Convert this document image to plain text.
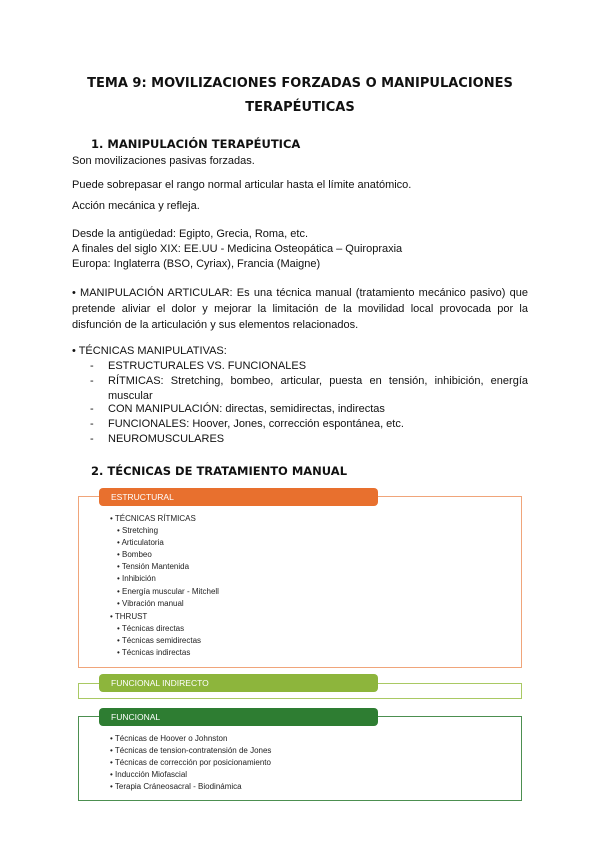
TEMA 9: MOVILIZACIONES FORZADAS O MANIPULACIONES
TERAPÉUTICAS
1. MANIPULACIÓN TERAPÉUTICA
Son movilizaciones pasivas forzadas.
Puede sobrepasar el rango normal articular hasta el límite anatómico.
Acción mecánica y refleja.
Desde la antigüedad: Egipto, Grecia, Roma, etc.
A finales del siglo XIX: EE.UU - Medicina Osteopática – Quiropraxia
Europa: Inglaterra (BSO, Cyriax), Francia (Maigne)
• MANIPULACIÓN ARTICULAR: Es una técnica manual (tratamiento mecánico pasivo) que pretende aliviar el dolor y mejorar la limitación de la movilidad local provocada por la disfunción de la articulación y sus elementos relacionados.
• TÉCNICAS MANIPULATIVAS:
- ESTRUCTURALES VS. FUNCIONALES
- RÍTMICAS: Stretching, bombeo, articular, puesta en tensión, inhibición, energía muscular
- CON MANIPULACIÓN: directas, semidirectas, indirectas
- FUNCIONALES: Hoover, Jones, corrección espontánea, etc.
- NEUROMUSCULARES
2. TÉCNICAS DE TRATAMIENTO MANUAL
ESTRUCTURAL
• TÉCNICAS RÍTMICAS
• Stretching
• Articulatoria
• Bombeo
• Tensión Mantenida
• Inhibición
• Energía muscular - Mitchell
• Vibración manual
• THRUST
• Técnicas directas
• Técnicas semidirectas
• Técnicas indirectas
FUNCIONAL INDIRECTO
FUNCIONAL
• Técnicas de Hoover o Johnston
• Técnicas de tension-contratensión de Jones
• Técnicas de corrección por posicionamiento
• Inducción Miofascial
• Terapia Cráneosacral - Biodinámica
